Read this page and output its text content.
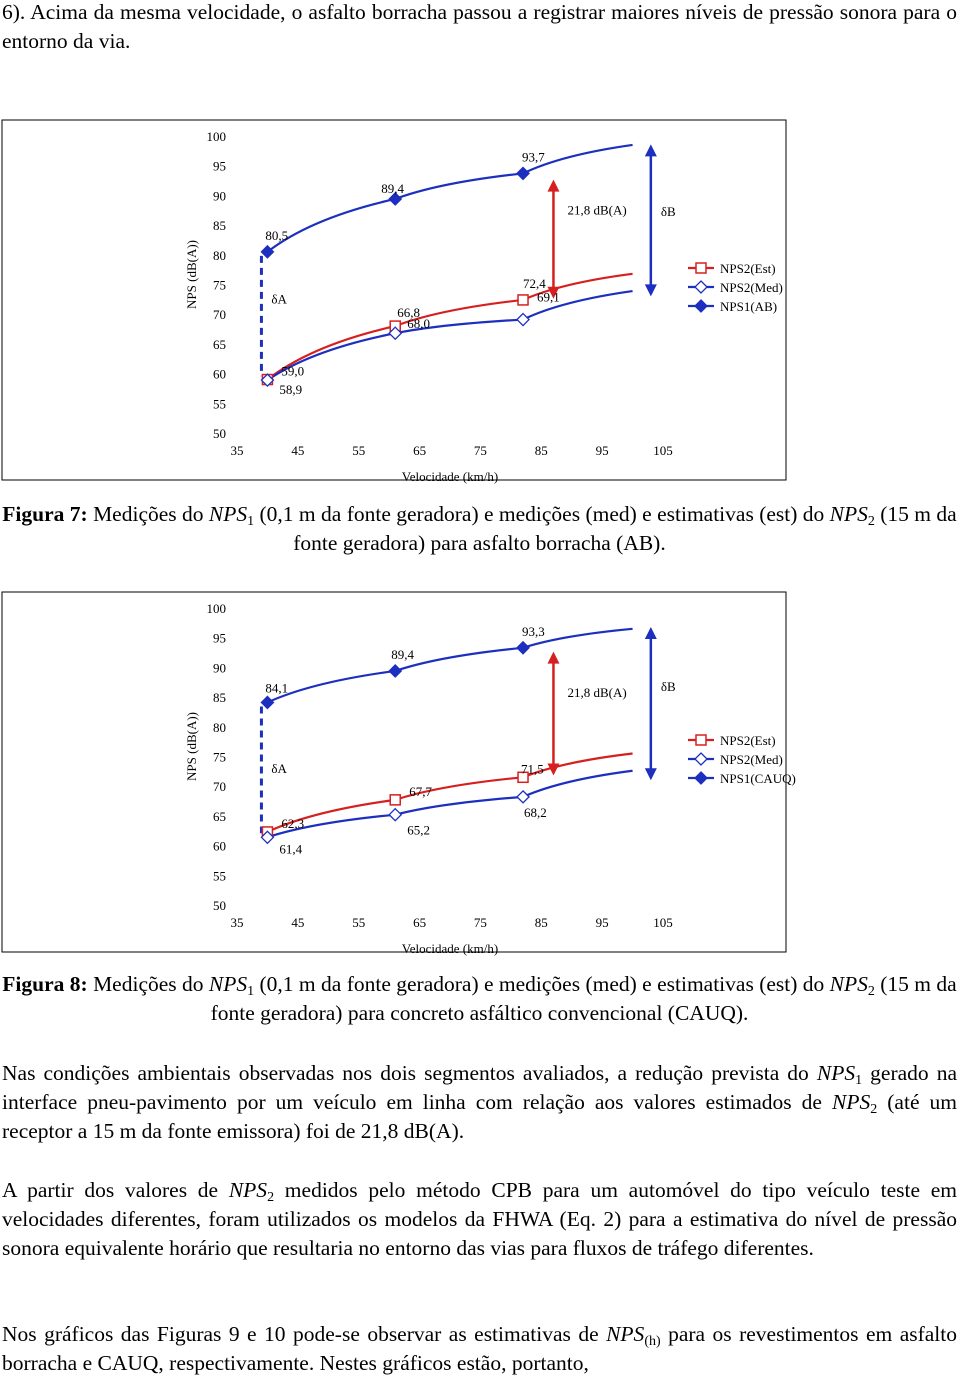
6). Acima da mesma velocidade, o asfalto borracha passou a registrar maiores níveis de pressão sonora para o entorno da via.
NPS (dB(A))
50
55
60
65
70
75
80
85
90
95
100
35	45	55	65	75	85	95	105
Velocidade (km/h)
21,8 dB(A)
δA
δB
59,0
68,0
72,4
58,9
66,8
69,1
80,5
89,4
93,7
NPS2(Est)
NPS2(Med)
NPS1(AB)
Figura 7: Medições do $NPS_1$ (0,1 m da fonte geradora) e medições (med) e estimativas (est) do $NPS_2$ (15 m da fonte geradora) para asfalto borracha (AB).
NPS (dB(A))
50
55
60
65
70
75
80
85
90
95
100
35	45	55	65	75	85	95	105
Velocidade (km/h)
21,8 dB(A)
δA
δB
62,3
67,7
71,5
61,4
65,2
68,2
84,1
89,4
93,3
NPS2(Est)
NPS2(Med)
NPS1(CAUQ)
Figura 8: Medições do $NPS_1$ (0,1 m da fonte geradora) e medições (med) e estimativas (est) do $NPS_2$ (15 m da fonte geradora) para concreto asfáltico convencional (CAUQ).
Nas condições ambientais observadas nos dois segmentos avaliados, a redução prevista do $NPS_1$ gerado na interface pneu-pavimento por um veículo em linha com relação aos valores estimados de $NPS_2$ (até um receptor a 15 m da fonte emissora) foi de 21,8 dB(A).
A partir dos valores de $NPS_2$ medidos pelo método CPB para um automóvel do tipo veículo teste em velocidades diferentes, foram utilizados os modelos da FHWA (Eq. 2) para a estimativa do nível de pressão sonora equivalente horário que resultaria no entorno das vias para fluxos de tráfego diferentes.
Nos gráficos das Figuras 9 e 10 pode-se observar as estimativas de $NPS_{(h)}$ para os revestimentos em asfalto borracha e CAUQ, respectivamente. Nestes gráficos estão, portanto,
